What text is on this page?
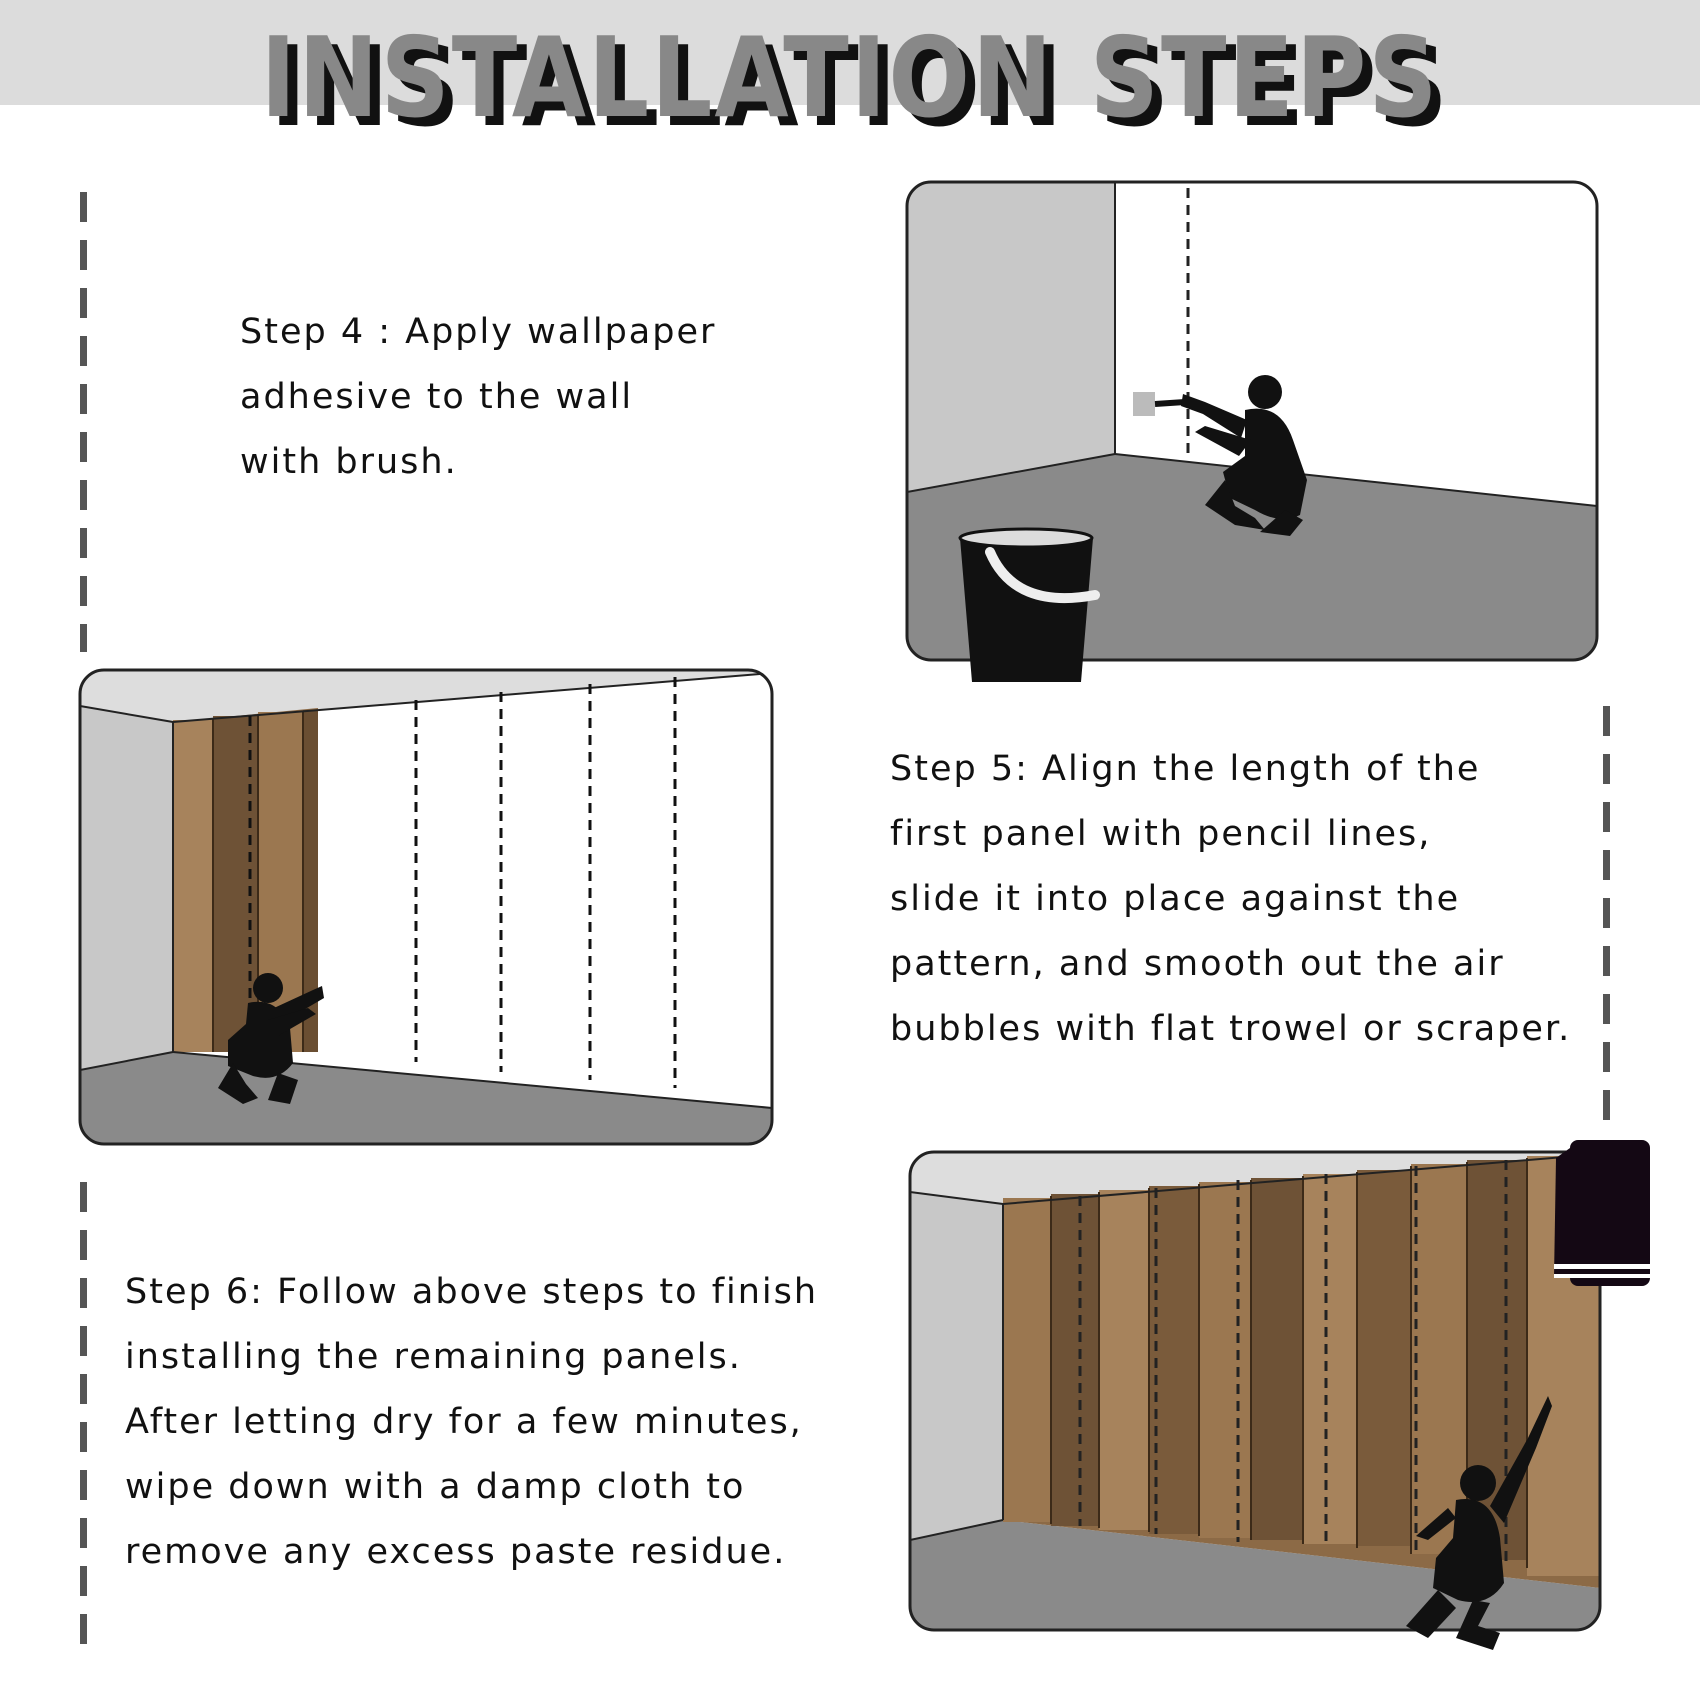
INSTALLATION STEPS
Step 4 : Apply wallpaper
adhesive to the wall
with brush.
Step 5: Align the length of the
first panel with pencil lines,
slide it into place against the
pattern, and smooth out the air
bubbles with flat trowel or scraper.
Step 6: Follow above steps to finish
installing the remaining panels.
After letting dry for a few minutes,
wipe down with a damp cloth to
remove any excess paste residue.
